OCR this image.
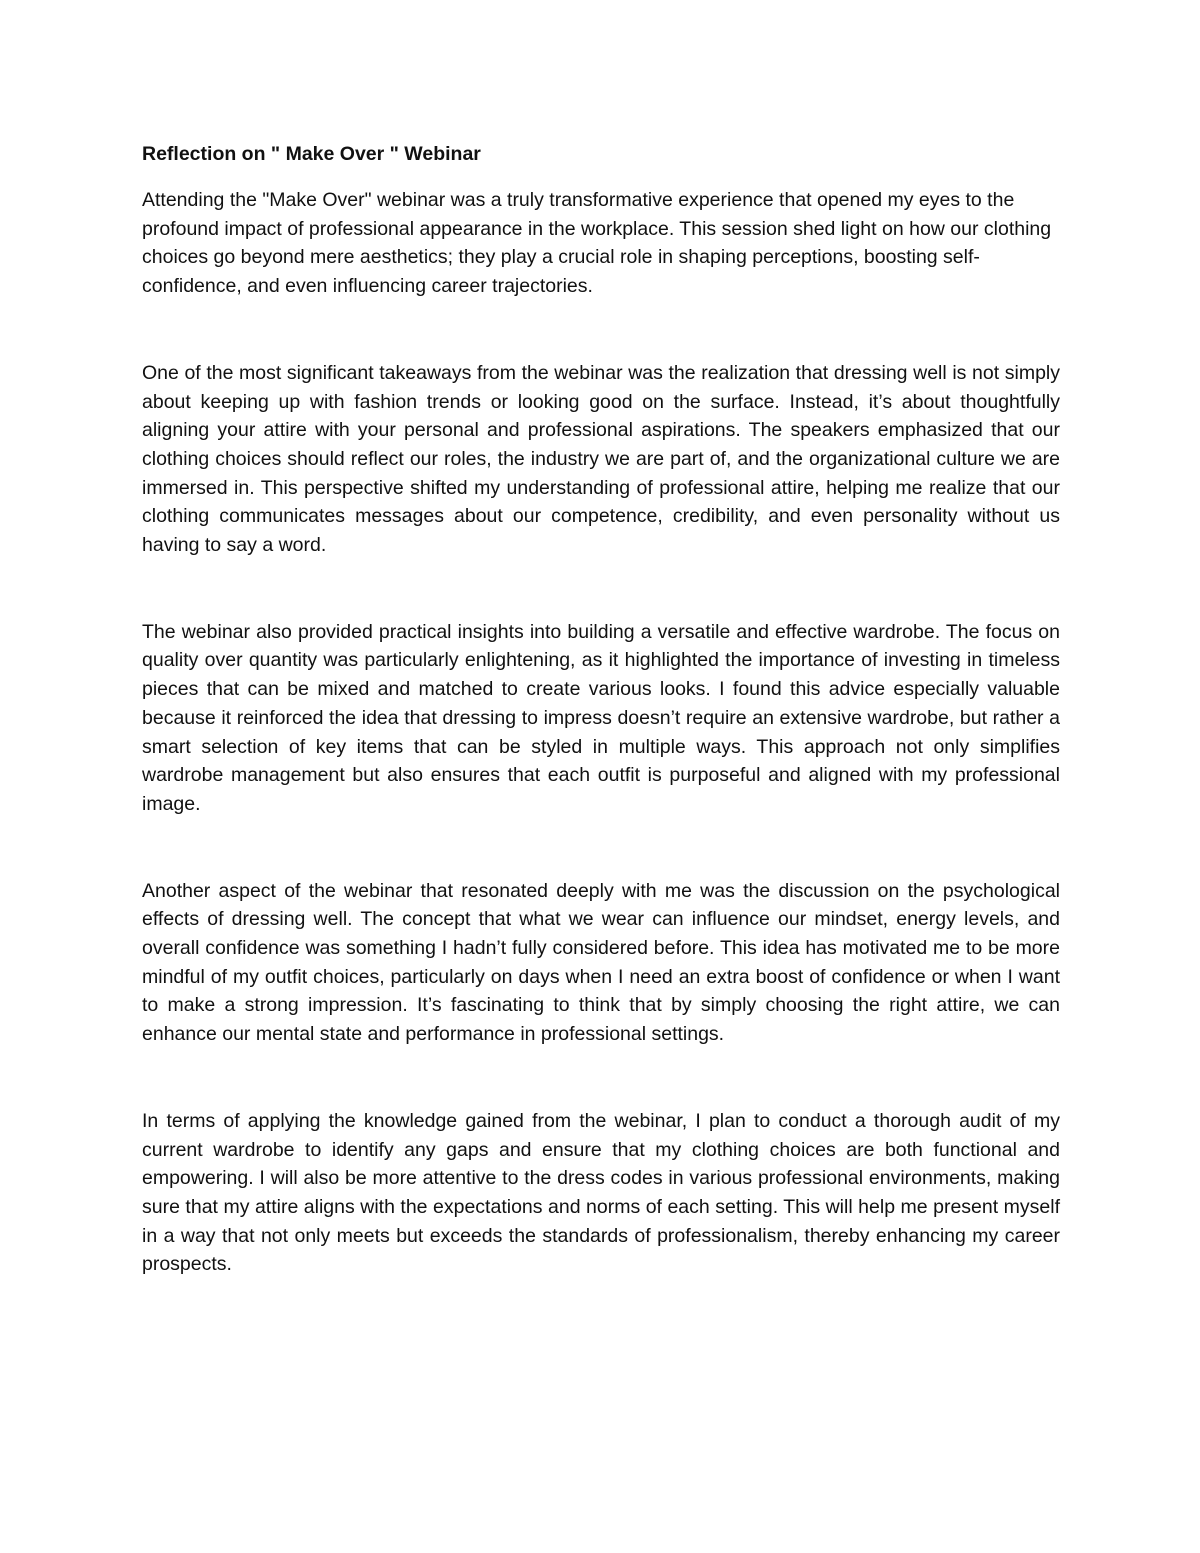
Reflection on " Make Over " Webinar

Attending the "Make Over" webinar was a truly transformative experience that opened my eyes to the profound impact of professional appearance in the workplace. This session shed light on how our clothing choices go beyond mere aesthetics; they play a crucial role in shaping perceptions, boosting self-confidence, and even influencing career trajectories.

One of the most significant takeaways from the webinar was the realization that dressing well is not simply about keeping up with fashion trends or looking good on the surface. Instead, it’s about thoughtfully aligning your attire with your personal and professional aspirations. The speakers emphasized that our clothing choices should reflect our roles, the industry we are part of, and the organizational culture we are immersed in. This perspective shifted my understanding of professional attire, helping me realize that our clothing communicates messages about our competence, credibility, and even personality without us having to say a word.

The webinar also provided practical insights into building a versatile and effective wardrobe. The focus on quality over quantity was particularly enlightening, as it highlighted the importance of investing in timeless pieces that can be mixed and matched to create various looks. I found this advice especially valuable because it reinforced the idea that dressing to impress doesn’t require an extensive wardrobe, but rather a smart selection of key items that can be styled in multiple ways. This approach not only simplifies wardrobe management but also ensures that each outfit is purposeful and aligned with my professional image.

Another aspect of the webinar that resonated deeply with me was the discussion on the psychological effects of dressing well. The concept that what we wear can influence our mindset, energy levels, and overall confidence was something I hadn’t fully considered before. This idea has motivated me to be more mindful of my outfit choices, particularly on days when I need an extra boost of confidence or when I want to make a strong impression. It’s fascinating to think that by simply choosing the right attire, we can enhance our mental state and performance in professional settings.

In terms of applying the knowledge gained from the webinar, I plan to conduct a thorough audit of my current wardrobe to identify any gaps and ensure that my clothing choices are both functional and empowering. I will also be more attentive to the dress codes in various professional environments, making sure that my attire aligns with the expectations and norms of each setting. This will help me present myself in a way that not only meets but exceeds the standards of professionalism, thereby enhancing my career prospects.
